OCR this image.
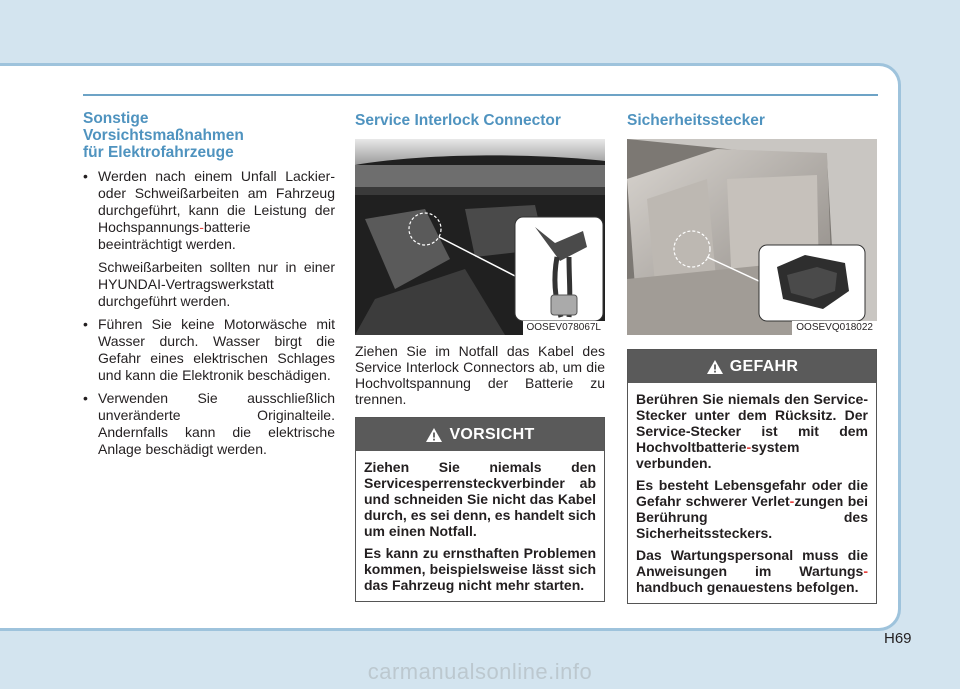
Sonstige
Vorsichtsmaßnahmen
für Elektrofahrzeuge
• Werden nach einem Unfall Lackier- oder Schweißarbeiten am Fahrzeug durchgeführt, kann die Leistung der Hochspannungs-batterie beeinträchtigt werden.

Schweißarbeiten sollten nur in einer HYUNDAI-Vertragswerkstatt durchgeführt werden.

• Führen Sie keine Motorwäsche mit Wasser durch. Wasser birgt die Gefahr eines elektrischen Schlages und kann die Elektronik beschädigen.

• Verwenden Sie ausschließlich unveränderte Originalteile. Andernfalls kann die elektrische Anlage beschädigt werden.

Service Interlock Connector
OOSEV078067L

Ziehen Sie im Notfall das Kabel des Service Interlock Connectors ab, um die Hochvoltspannung der Batterie zu trennen.

VORSICHT

Ziehen Sie niemals den Servicesperrensteckverbinder ab und schneiden Sie nicht das Kabel durch, es sei denn, es handelt sich um einen Notfall.

Es kann zu ernsthaften Problemen kommen, beispielsweise lässt sich das Fahrzeug nicht mehr starten.

Sicherheitsstecker
OOSEVQ018022
GEFAHR

Berühren Sie niemals den Service-Stecker unter dem Rücksitz. Der Service-Stecker ist mit dem Hochvoltbatterie-system verbunden.

Es besteht Lebensgefahr oder die Gefahr schwerer Verlet-zungen bei Berührung des Sicherheitssteckers.

Das Wartungspersonal muss die Anweisungen im Wartungs-handbuch genauestens befolgen.

H69
carmanualsonline.info
